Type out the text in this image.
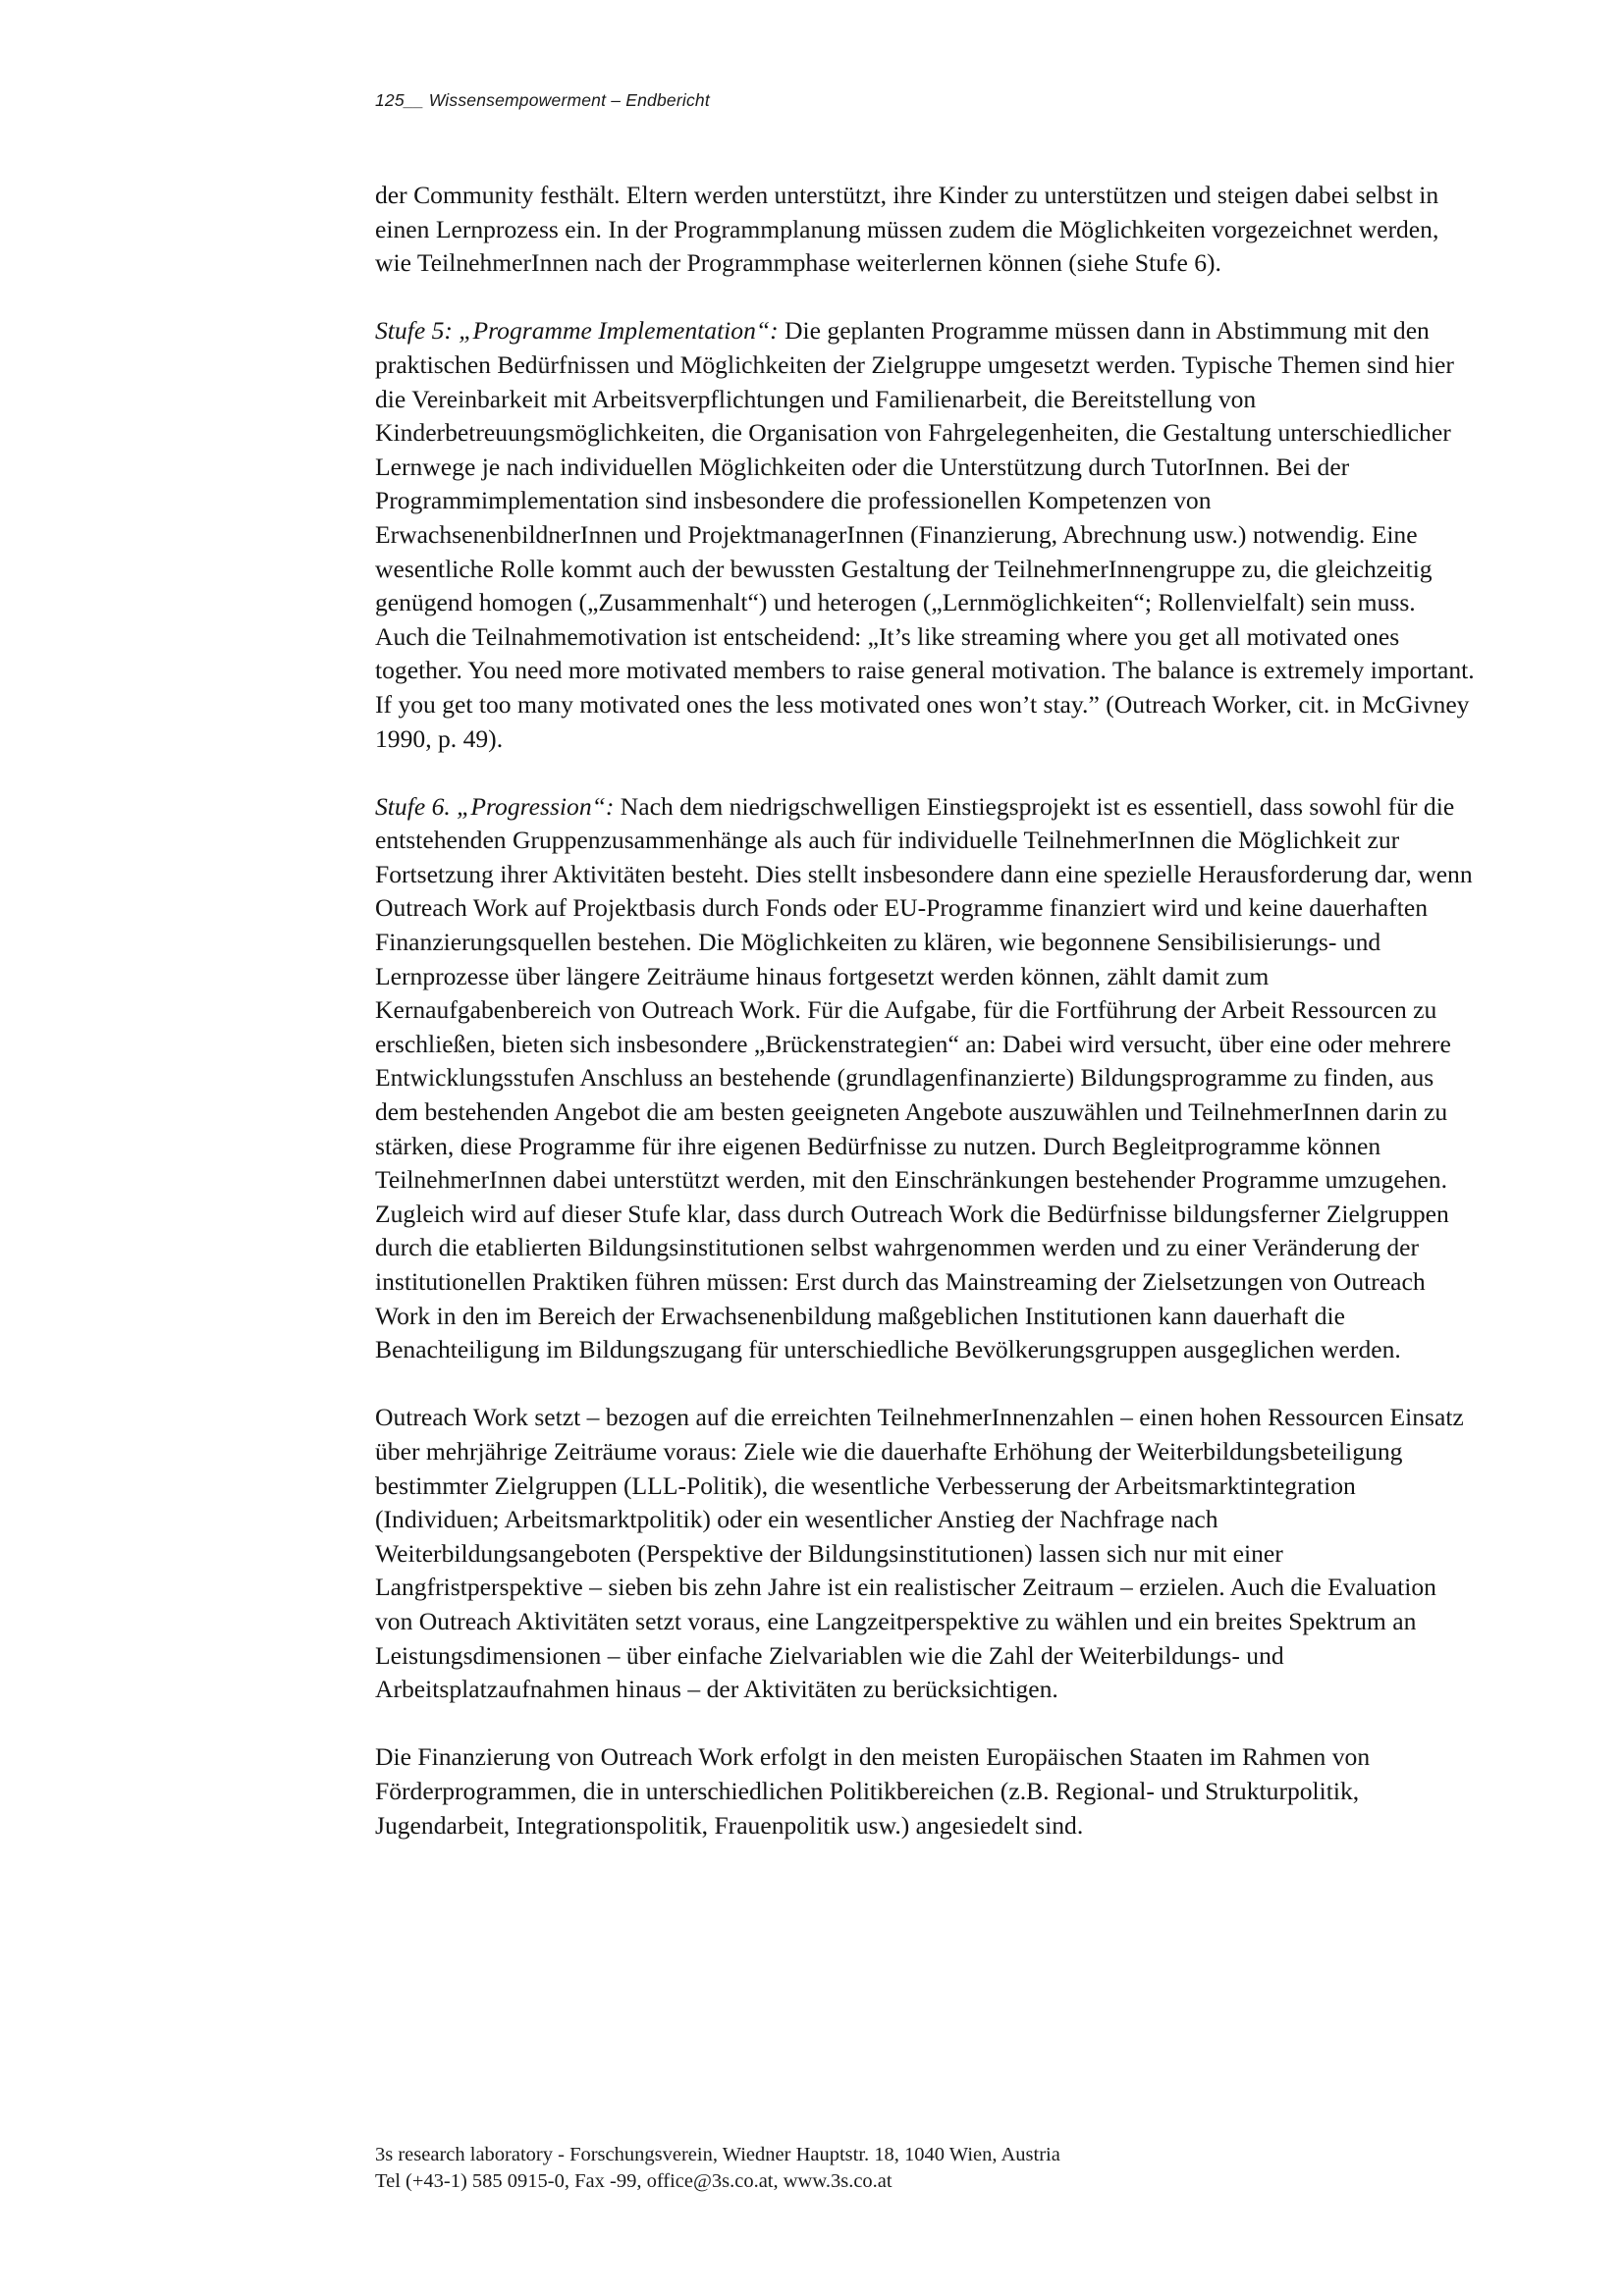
125__ Wissensempowerment – Endbericht

der Community festhält. Eltern werden unterstützt, ihre Kinder zu unterstützen und steigen dabei selbst in einen Lernprozess ein. In der Programmplanung müssen zudem die Möglichkeiten vorgezeichnet werden, wie TeilnehmerInnen nach der Programmphase weiterlernen können (siehe Stufe 6).

Stufe 5: „Programme Implementation“: Die geplanten Programme müssen dann in Abstimmung mit den praktischen Bedürfnissen und Möglichkeiten der Zielgruppe umgesetzt werden. Typische Themen sind hier die Vereinbarkeit mit Arbeitsverpflichtungen und Familienarbeit, die Bereitstellung von Kinderbetreuungsmöglichkeiten, die Organisation von Fahrgelegenheiten, die Gestaltung unterschiedlicher Lernwege je nach individuellen Möglichkeiten oder die Unterstützung durch TutorInnen. Bei der Programmimplementation sind insbesondere die professionellen Kompetenzen von ErwachsenenbildnerInnen und ProjektmanagerInnen (Finanzierung, Abrechnung usw.) notwendig. Eine wesentliche Rolle kommt auch der bewussten Gestaltung der TeilnehmerInnengruppe zu, die gleichzeitig genügend homogen („Zusammenhalt“) und heterogen („Lernmöglichkeiten“; Rollenvielfalt) sein muss. Auch die Teilnahmemotivation ist entscheidend: „It’s like streaming where you get all motivated ones together. You need more motivated members to raise general motivation. The balance is extremely important. If you get too many motivated ones the less motivated ones won’t stay.” (Outreach Worker, cit. in McGivney 1990, p. 49).

Stufe 6. „Progression“: Nach dem niedrigschwelligen Einstiegsprojekt ist es essentiell, dass sowohl für die entstehenden Gruppenzusammenhänge als auch für individuelle TeilnehmerInnen die Möglichkeit zur Fortsetzung ihrer Aktivitäten besteht. Dies stellt insbesondere dann eine spezielle Herausforderung dar, wenn Outreach Work auf Projektbasis durch Fonds oder EU-Programme finanziert wird und keine dauerhaften Finanzierungsquellen bestehen. Die Möglichkeiten zu klären, wie begonnene Sensibilisierungs- und Lernprozesse über längere Zeiträume hinaus fortgesetzt werden können, zählt damit zum Kernaufgabenbereich von Outreach Work. Für die Aufgabe, für die Fortführung der Arbeit Ressourcen zu erschließen, bieten sich insbesondere „Brückenstrategien“ an: Dabei wird versucht, über eine oder mehrere Entwicklungsstufen Anschluss an bestehende (grundlagenfinanzierte) Bildungsprogramme zu finden, aus dem bestehenden Angebot die am besten geeigneten Angebote auszuwählen und TeilnehmerInnen darin zu stärken, diese Programme für ihre eigenen Bedürfnisse zu nutzen. Durch Begleitprogramme können TeilnehmerInnen dabei unterstützt werden, mit den Einschränkungen bestehender Programme umzugehen. Zugleich wird auf dieser Stufe klar, dass durch Outreach Work die Bedürfnisse bildungsferner Zielgruppen durch die etablierten Bildungsinstitutionen selbst wahrgenommen werden und zu einer Veränderung der institutionellen Praktiken führen müssen: Erst durch das Mainstreaming der Zielsetzungen von Outreach Work in den im Bereich der Erwachsenenbildung maßgeblichen Institutionen kann dauerhaft die Benachteiligung im Bildungszugang für unterschiedliche Bevölkerungsgruppen ausgeglichen werden.

Outreach Work setzt – bezogen auf die erreichten TeilnehmerInnenzahlen – einen hohen Ressourcen Einsatz über mehrjährige Zeiträume voraus: Ziele wie die dauerhafte Erhöhung der Weiterbildungsbeteiligung bestimmter Zielgruppen (LLL-Politik), die wesentliche Verbesserung der Arbeitsmarktintegration (Individuen; Arbeitsmarktpolitik) oder ein wesentlicher Anstieg der Nachfrage nach Weiterbildungsangeboten (Perspektive der Bildungsinstitutionen) lassen sich nur mit einer Langfristperspektive – sieben bis zehn Jahre ist ein realistischer Zeitraum – erzielen. Auch die Evaluation von Outreach Aktivitäten setzt voraus, eine Langzeitperspektive zu wählen und ein breites Spektrum an Leistungsdimensionen – über einfache Zielvariablen wie die Zahl der Weiterbildungs- und Arbeitsplatzaufnahmen hinaus – der Aktivitäten zu berücksichtigen.

Die Finanzierung von Outreach Work erfolgt in den meisten Europäischen Staaten im Rahmen von Förderprogrammen, die in unterschiedlichen Politikbereichen (z.B. Regional- und Strukturpolitik, Jugendarbeit, Integrationspolitik, Frauenpolitik usw.) angesiedelt sind.

3s research laboratory - Forschungsverein, Wiedner Hauptstr. 18, 1040 Wien, Austria
Tel (+43-1) 585 0915-0, Fax -99, office@3s.co.at, www.3s.co.at
